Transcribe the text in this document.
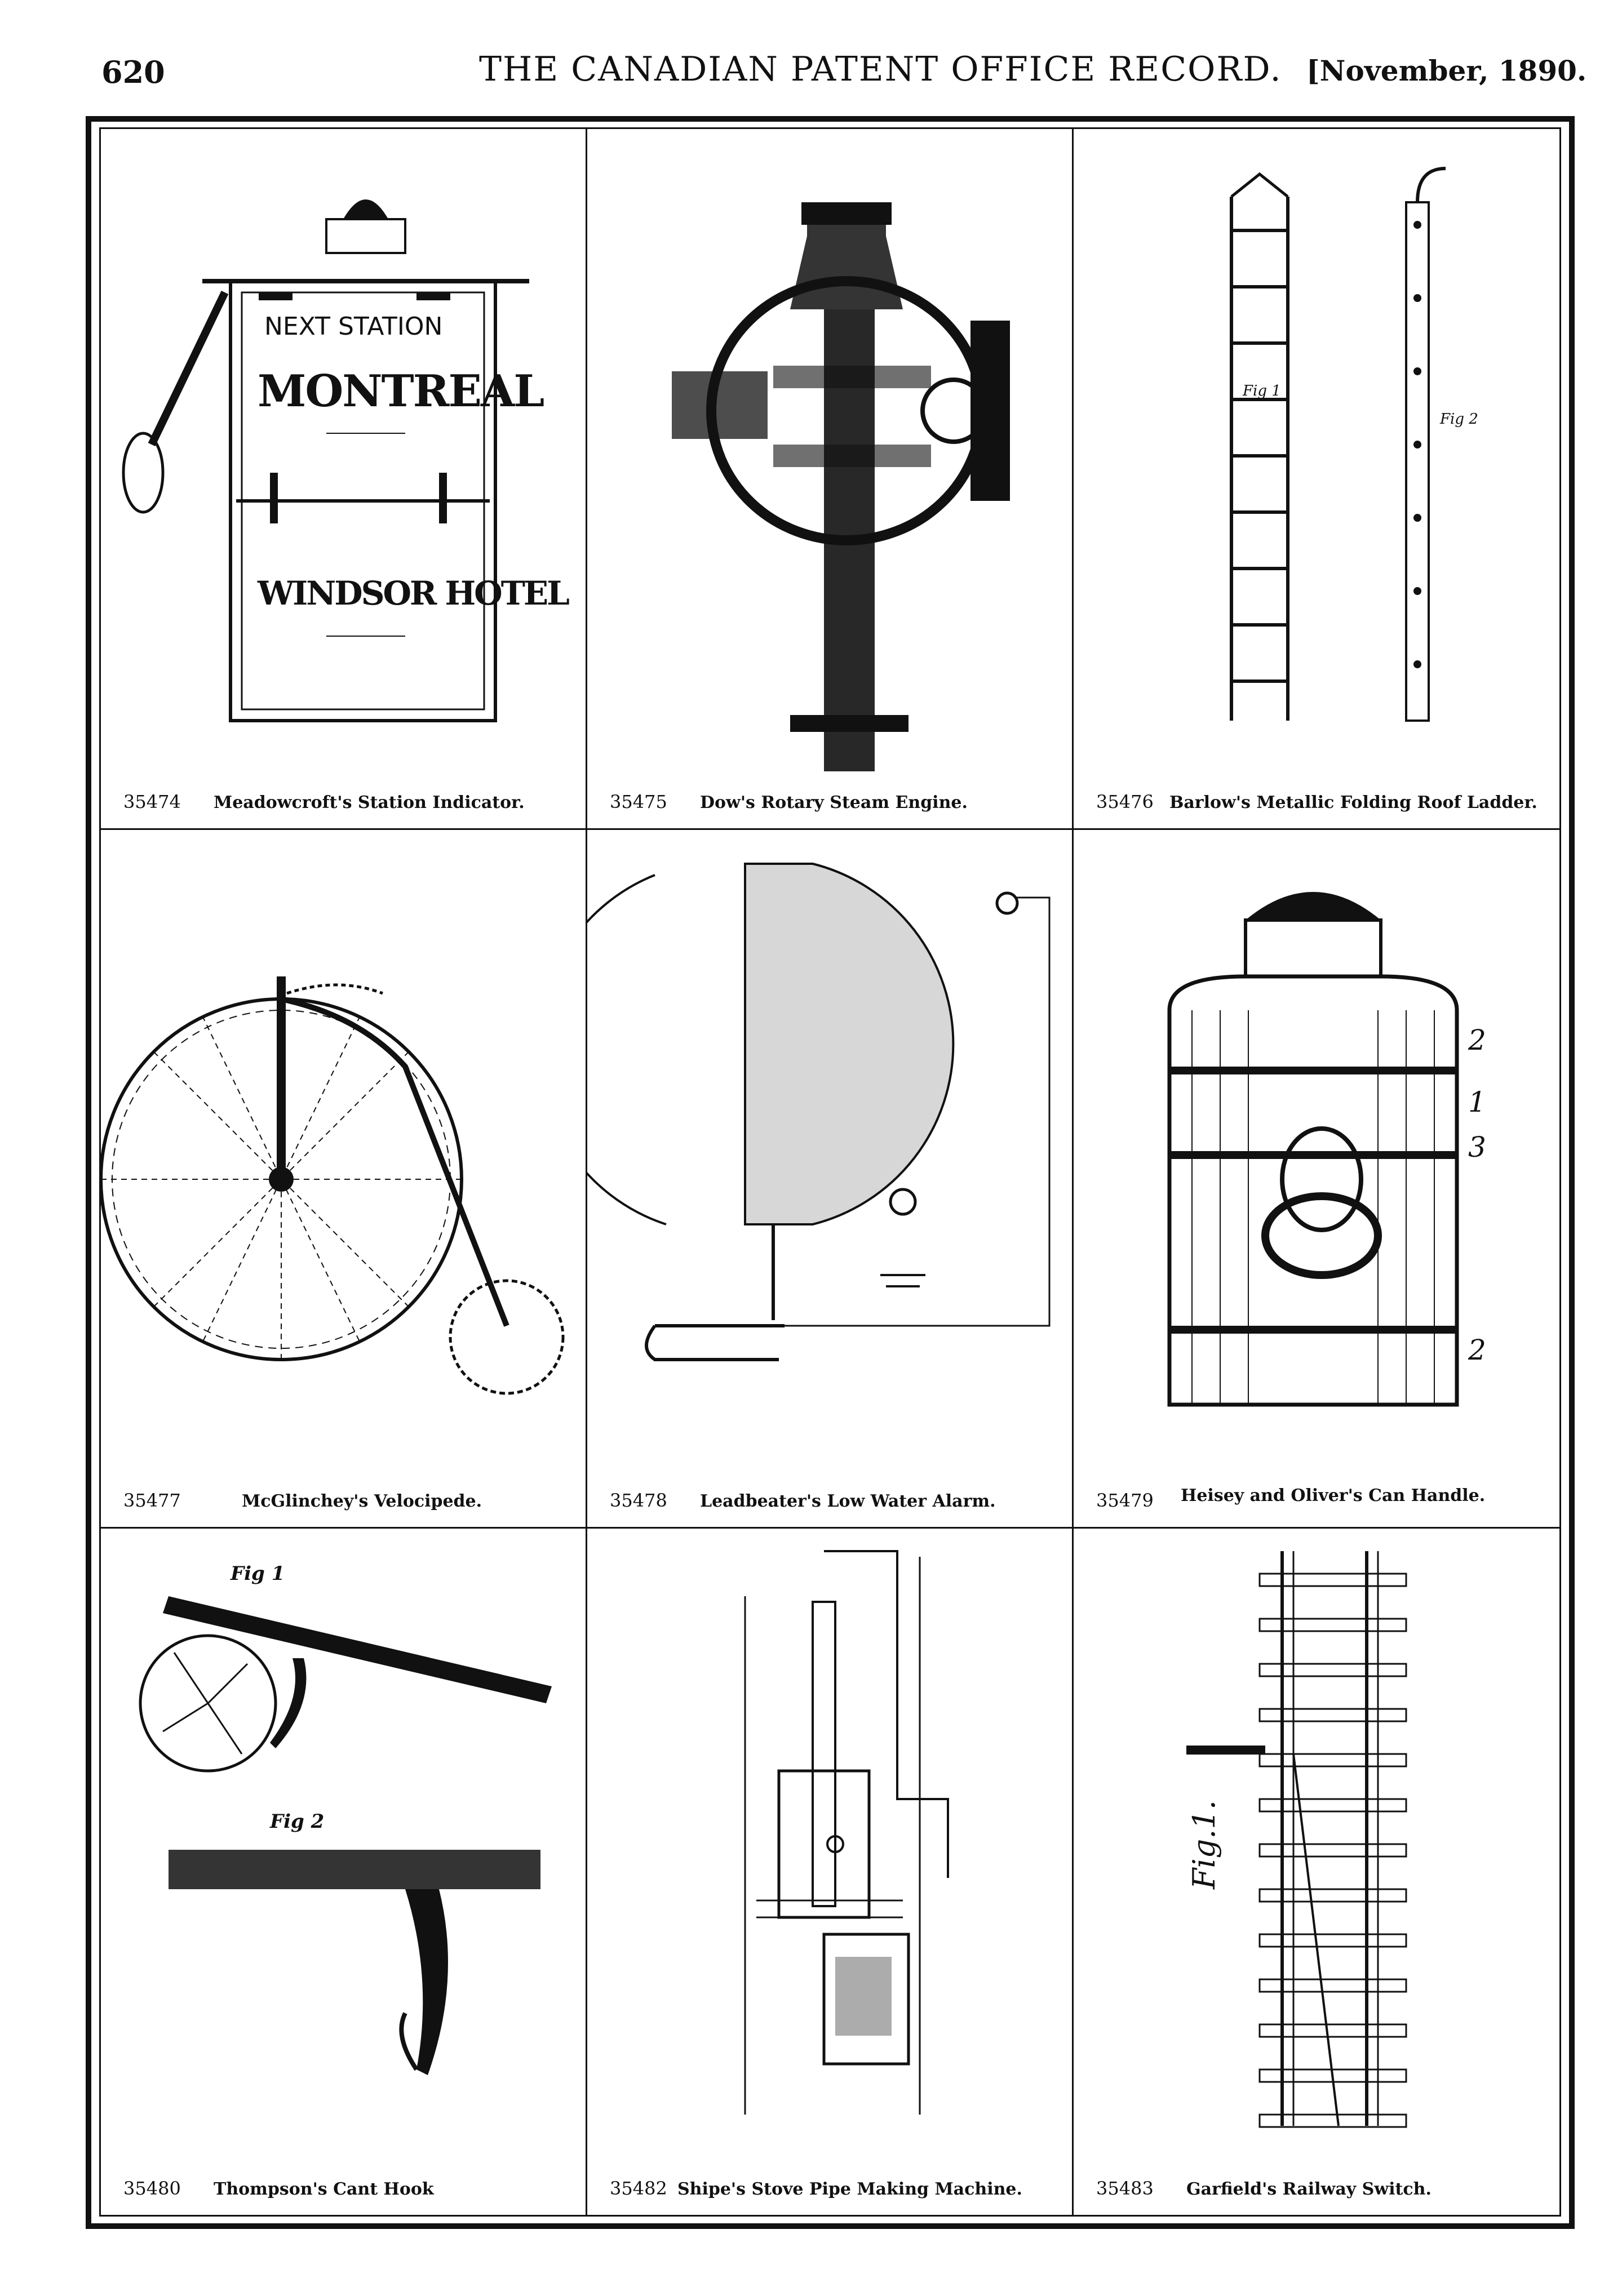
620	THE CANADIAN PATENT OFFICE RECORD. [November, 1890.
NEXT STATION
MONTREAL
WINDSOR HOTEL
35474 Meadowcroft's Station Indicator.	35475 Dow's Rotary Steam Engine.
Fig 1
Fig 2
35476 Barlow's Metallic Folding Roof Ladder.
35477	McGlinchey's Velocipede.	35478 Leadbeater's Low Water Alarm.
2
1
3
2
35479 Heisey and Oliver's Can Handle.
Fig 1
Fig 2
35480 Thompson's Cant Hook	35482 Shipe's Stove Pipe Making Machine.
Fig.1.
35483 Garfield's Railway Switch.
